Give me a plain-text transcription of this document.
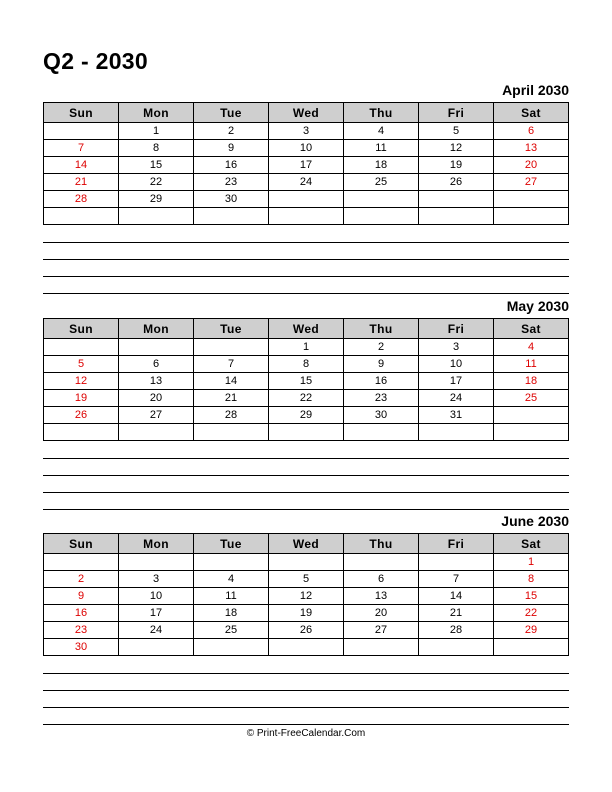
Q2 - 2030
April 2030
Sun	Mon	Tue	Wed	Thu	Fri	Sat
	1	2	3	4	5	6
7	8	9	10	11	12	13
14	15	16	17	18	19	20
21	22	23	24	25	26	27
28	29	30				

May 2030
Sun	Mon	Tue	Wed	Thu	Fri	Sat
			1	2	3	4
5	6	7	8	9	10	11
12	13	14	15	16	17	18
19	20	21	22	23	24	25
26	27	28	29	30	31	

June 2030
Sun	Mon	Tue	Wed	Thu	Fri	Sat
						1
2	3	4	5	6	7	8
9	10	11	12	13	14	15
16	17	18	19	20	21	22
23	24	25	26	27	28	29
30						
© Print-FreeCalendar.Com
